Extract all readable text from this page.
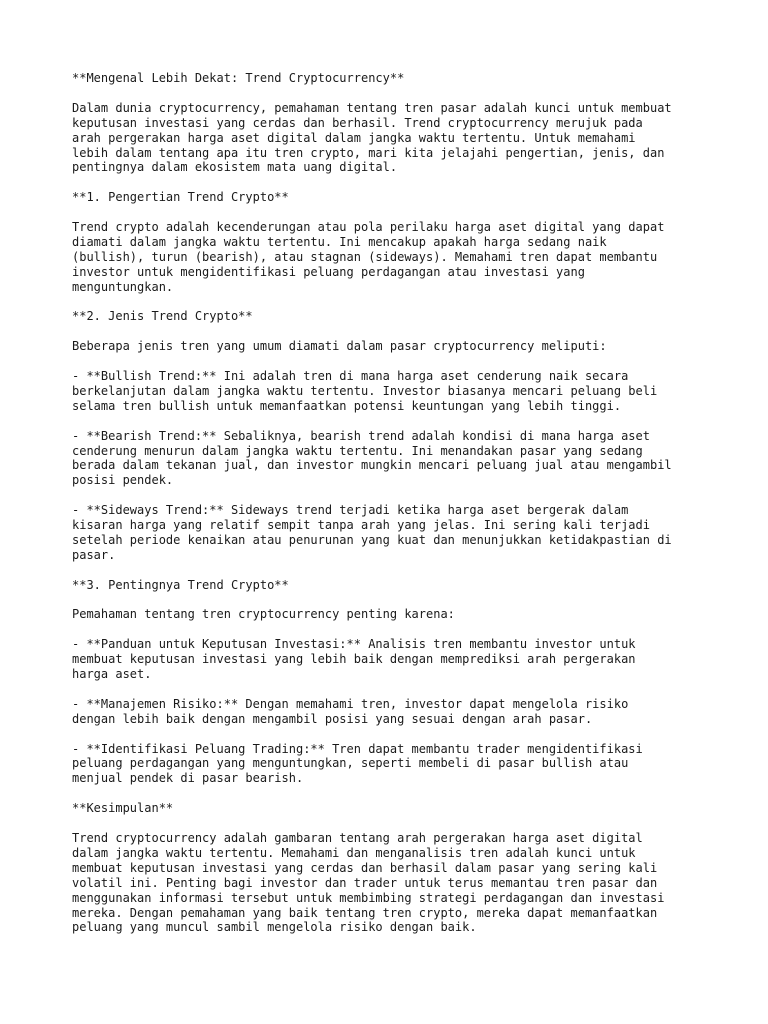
**Mengenal Lebih Dekat: Trend Cryptocurrency**

Dalam dunia cryptocurrency, pemahaman tentang tren pasar adalah kunci untuk membuat
keputusan investasi yang cerdas dan berhasil. Trend cryptocurrency merujuk pada
arah pergerakan harga aset digital dalam jangka waktu tertentu. Untuk memahami
lebih dalam tentang apa itu tren crypto, mari kita jelajahi pengertian, jenis, dan
pentingnya dalam ekosistem mata uang digital.

**1. Pengertian Trend Crypto**

Trend crypto adalah kecenderungan atau pola perilaku harga aset digital yang dapat
diamati dalam jangka waktu tertentu. Ini mencakup apakah harga sedang naik
(bullish), turun (bearish), atau stagnan (sideways). Memahami tren dapat membantu
investor untuk mengidentifikasi peluang perdagangan atau investasi yang
menguntungkan.

**2. Jenis Trend Crypto**

Beberapa jenis tren yang umum diamati dalam pasar cryptocurrency meliputi:

- **Bullish Trend:** Ini adalah tren di mana harga aset cenderung naik secara
berkelanjutan dalam jangka waktu tertentu. Investor biasanya mencari peluang beli
selama tren bullish untuk memanfaatkan potensi keuntungan yang lebih tinggi.

- **Bearish Trend:** Sebaliknya, bearish trend adalah kondisi di mana harga aset
cenderung menurun dalam jangka waktu tertentu. Ini menandakan pasar yang sedang
berada dalam tekanan jual, dan investor mungkin mencari peluang jual atau mengambil
posisi pendek.

- **Sideways Trend:** Sideways trend terjadi ketika harga aset bergerak dalam
kisaran harga yang relatif sempit tanpa arah yang jelas. Ini sering kali terjadi
setelah periode kenaikan atau penurunan yang kuat dan menunjukkan ketidakpastian di
pasar.

**3. Pentingnya Trend Crypto**

Pemahaman tentang tren cryptocurrency penting karena:

- **Panduan untuk Keputusan Investasi:** Analisis tren membantu investor untuk
membuat keputusan investasi yang lebih baik dengan memprediksi arah pergerakan
harga aset.

- **Manajemen Risiko:** Dengan memahami tren, investor dapat mengelola risiko
dengan lebih baik dengan mengambil posisi yang sesuai dengan arah pasar.

- **Identifikasi Peluang Trading:** Tren dapat membantu trader mengidentifikasi
peluang perdagangan yang menguntungkan, seperti membeli di pasar bullish atau
menjual pendek di pasar bearish.

**Kesimpulan**

Trend cryptocurrency adalah gambaran tentang arah pergerakan harga aset digital
dalam jangka waktu tertentu. Memahami dan menganalisis tren adalah kunci untuk
membuat keputusan investasi yang cerdas dan berhasil dalam pasar yang sering kali
volatil ini. Penting bagi investor dan trader untuk terus memantau tren pasar dan
menggunakan informasi tersebut untuk membimbing strategi perdagangan dan investasi
mereka. Dengan pemahaman yang baik tentang tren crypto, mereka dapat memanfaatkan
peluang yang muncul sambil mengelola risiko dengan baik.
